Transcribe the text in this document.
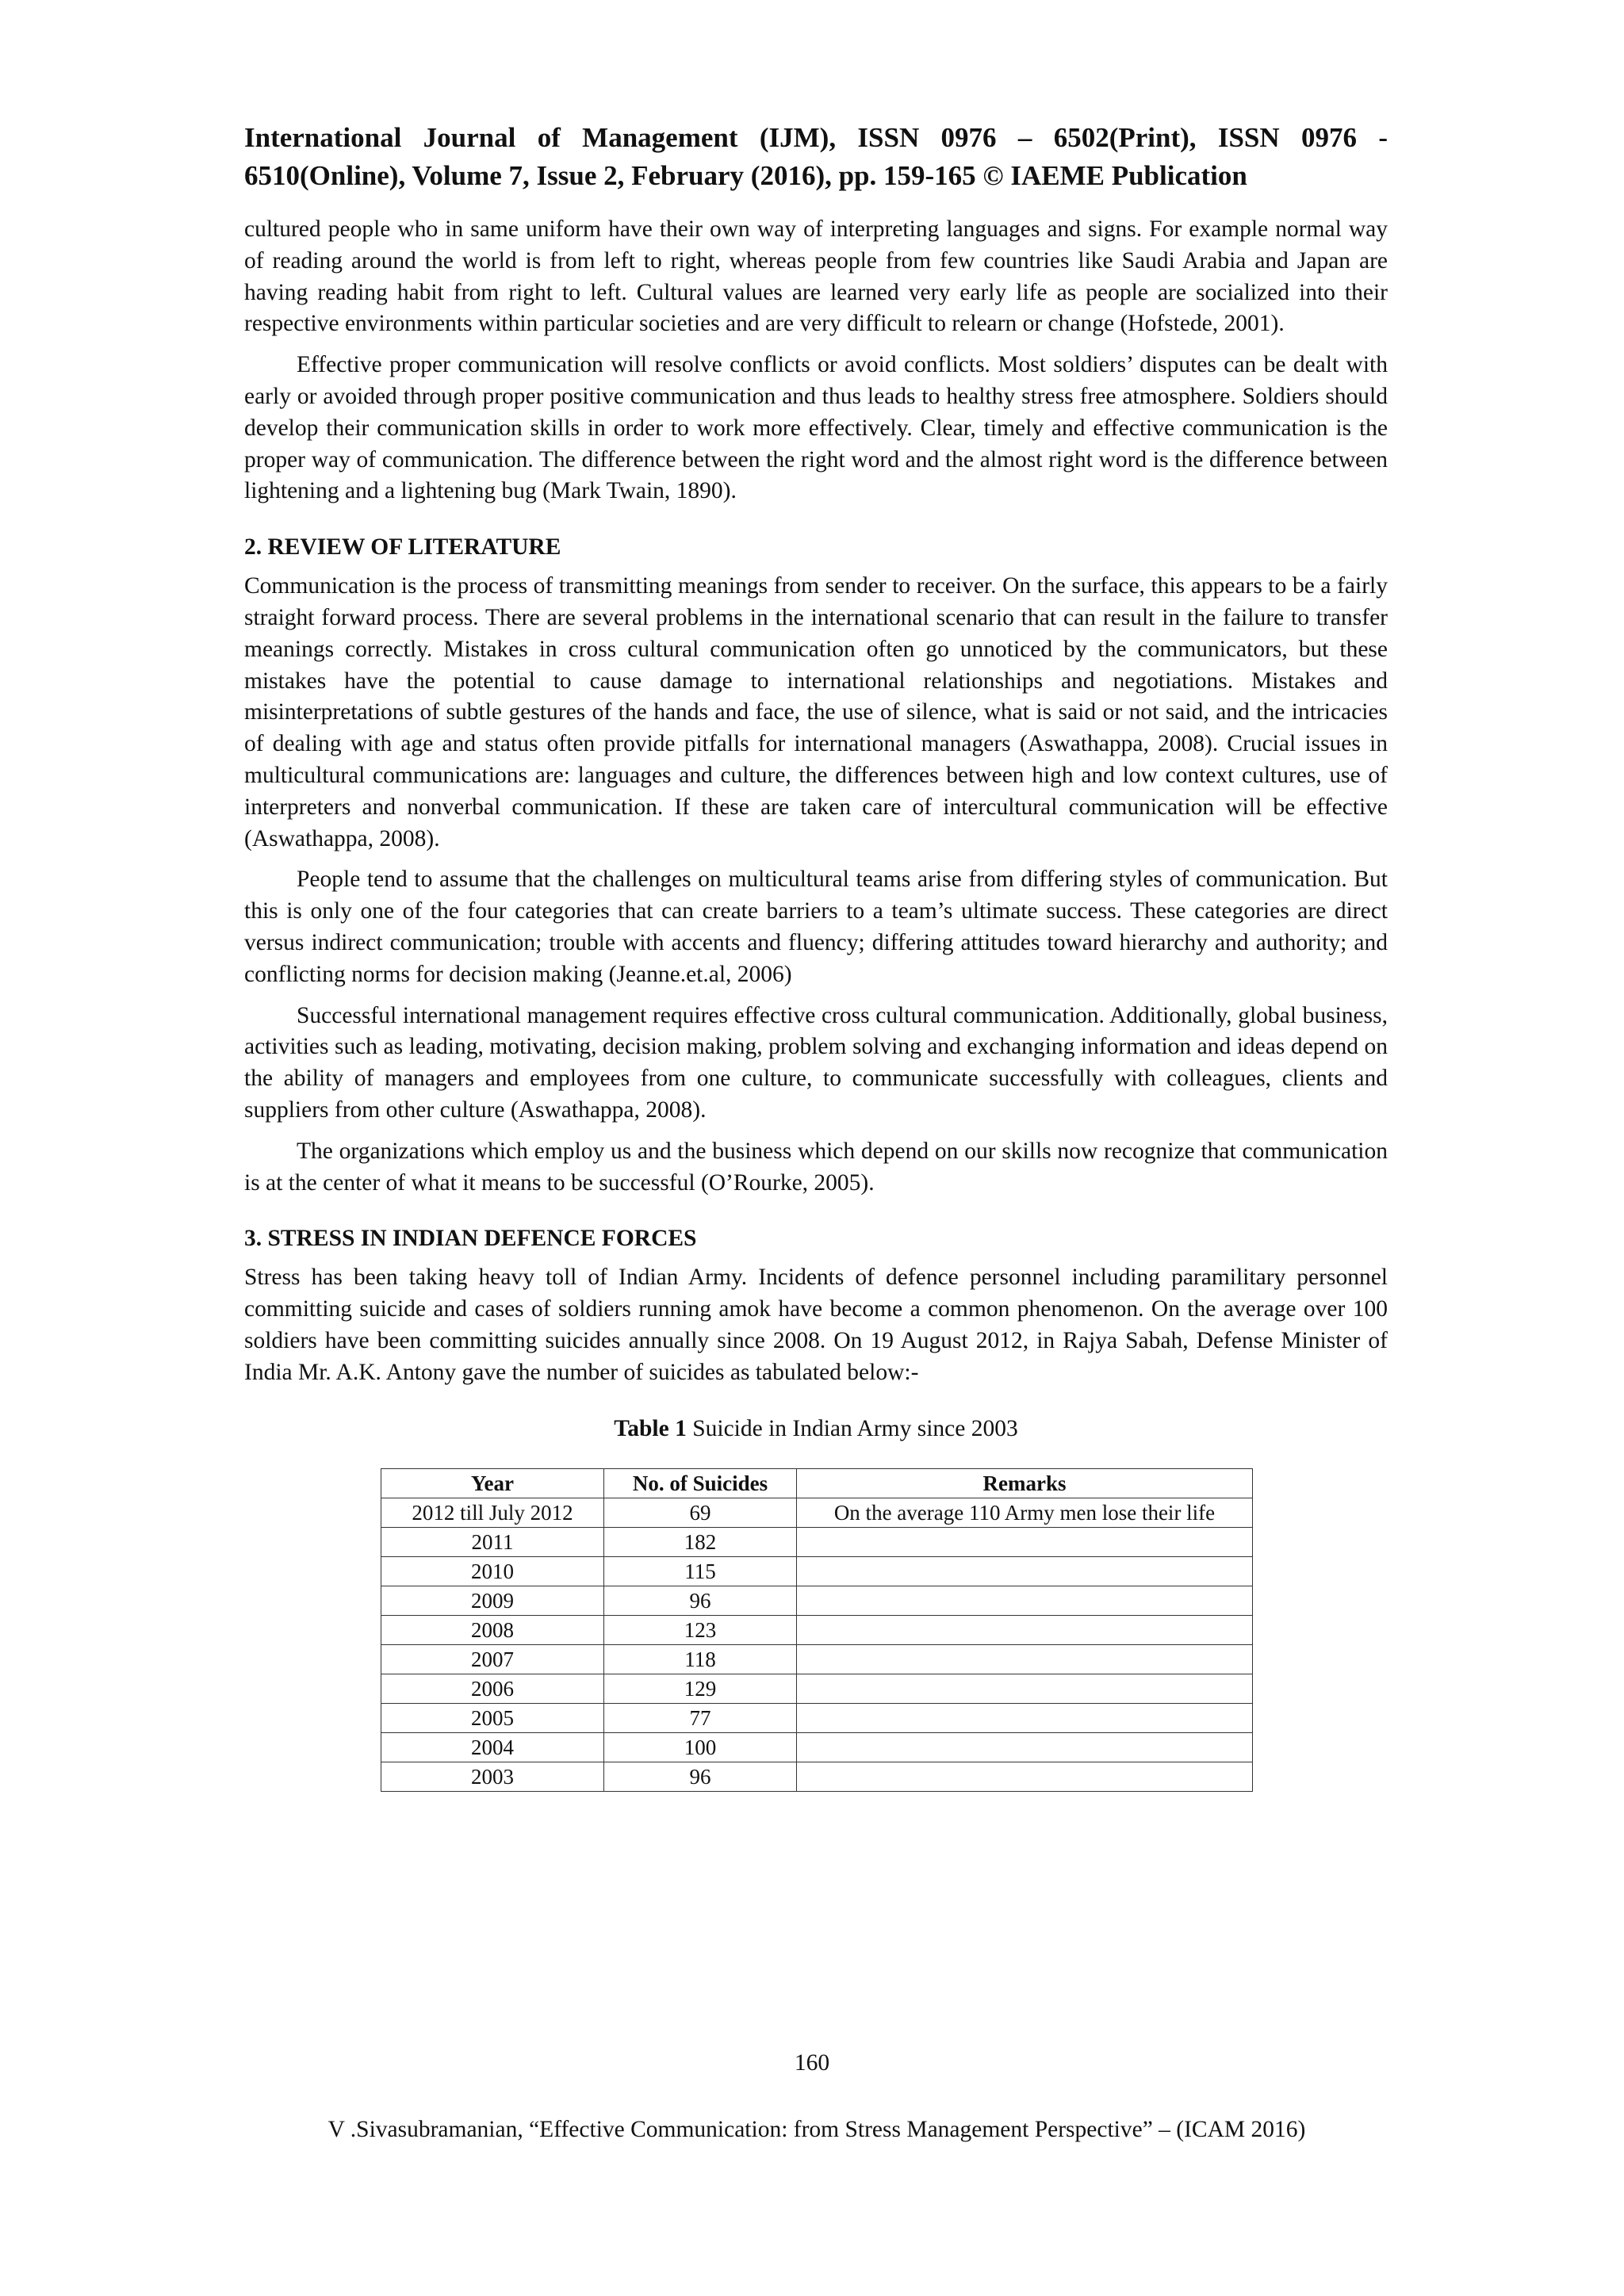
International Journal of Management (IJM), ISSN 0976 – 6502(Print), ISSN 0976 - 6510(Online), Volume 7, Issue 2, February (2016), pp. 159-165 © IAEME Publication

cultured people who in same uniform have their own way of interpreting languages and signs. For example normal way of reading around the world is from left to right, whereas people from few countries like Saudi Arabia and Japan are having reading habit from right to left. Cultural values are learned very early life as people are socialized into their respective environments within particular societies and are very difficult to relearn or change (Hofstede, 2001).

Effective proper communication will resolve conflicts or avoid conflicts. Most soldiers’ disputes can be dealt with early or avoided through proper positive communication and thus leads to healthy stress free atmosphere. Soldiers should develop their communication skills in order to work more effectively. Clear, timely and effective communication is the proper way of communication. The difference between the right word and the almost right word is the difference between lightening and a lightening bug (Mark Twain, 1890).

2. REVIEW OF LITERATURE

Communication is the process of transmitting meanings from sender to receiver. On the surface, this appears to be a fairly straight forward process. There are several problems in the international scenario that can result in the failure to transfer meanings correctly. Mistakes in cross cultural communication often go unnoticed by the communicators, but these mistakes have the potential to cause damage to international relationships and negotiations. Mistakes and misinterpretations of subtle gestures of the hands and face, the use of silence, what is said or not said, and the intricacies of dealing with age and status often provide pitfalls for international managers (Aswathappa, 2008). Crucial issues in multicultural communications are: languages and culture, the differences between high and low context cultures, use of interpreters and nonverbal communication. If these are taken care of intercultural communication will be effective (Aswathappa, 2008).

People tend to assume that the challenges on multicultural teams arise from differing styles of communication. But this is only one of the four categories that can create barriers to a team’s ultimate success. These categories are direct versus indirect communication; trouble with accents and fluency; differing attitudes toward hierarchy and authority; and conflicting norms for decision making (Jeanne.et.al, 2006)

Successful international management requires effective cross cultural communication. Additionally, global business, activities such as leading, motivating, decision making, problem solving and exchanging information and ideas depend on the ability of managers and employees from one culture, to communicate successfully with colleagues, clients and suppliers from other culture (Aswathappa, 2008).

The organizations which employ us and the business which depend on our skills now recognize that communication is at the center of what it means to be successful (O’Rourke, 2005).

3. STRESS IN INDIAN DEFENCE FORCES

Stress has been taking heavy toll of Indian Army. Incidents of defence personnel including paramilitary personnel committing suicide and cases of soldiers running amok have become a common phenomenon. On the average over 100 soldiers have been committing suicides annually since 2008. On 19 August 2012, in Rajya Sabah, Defense Minister of India Mr. A.K. Antony gave the number of suicides as tabulated below:-

Table 1 Suicide in Indian Army since 2003
Year	No. of Suicides	Remarks
2012 till July 2012	69	On the average 110 Army men lose their life
2011	182	
2010	115	
2009	96	
2008	123	
2007	118	
2006	129	
2005	77	
2004	100	
2003	96	
160
V .Sivasubramanian, “Effective Communication: from Stress Management Perspective” – (ICAM 2016)
